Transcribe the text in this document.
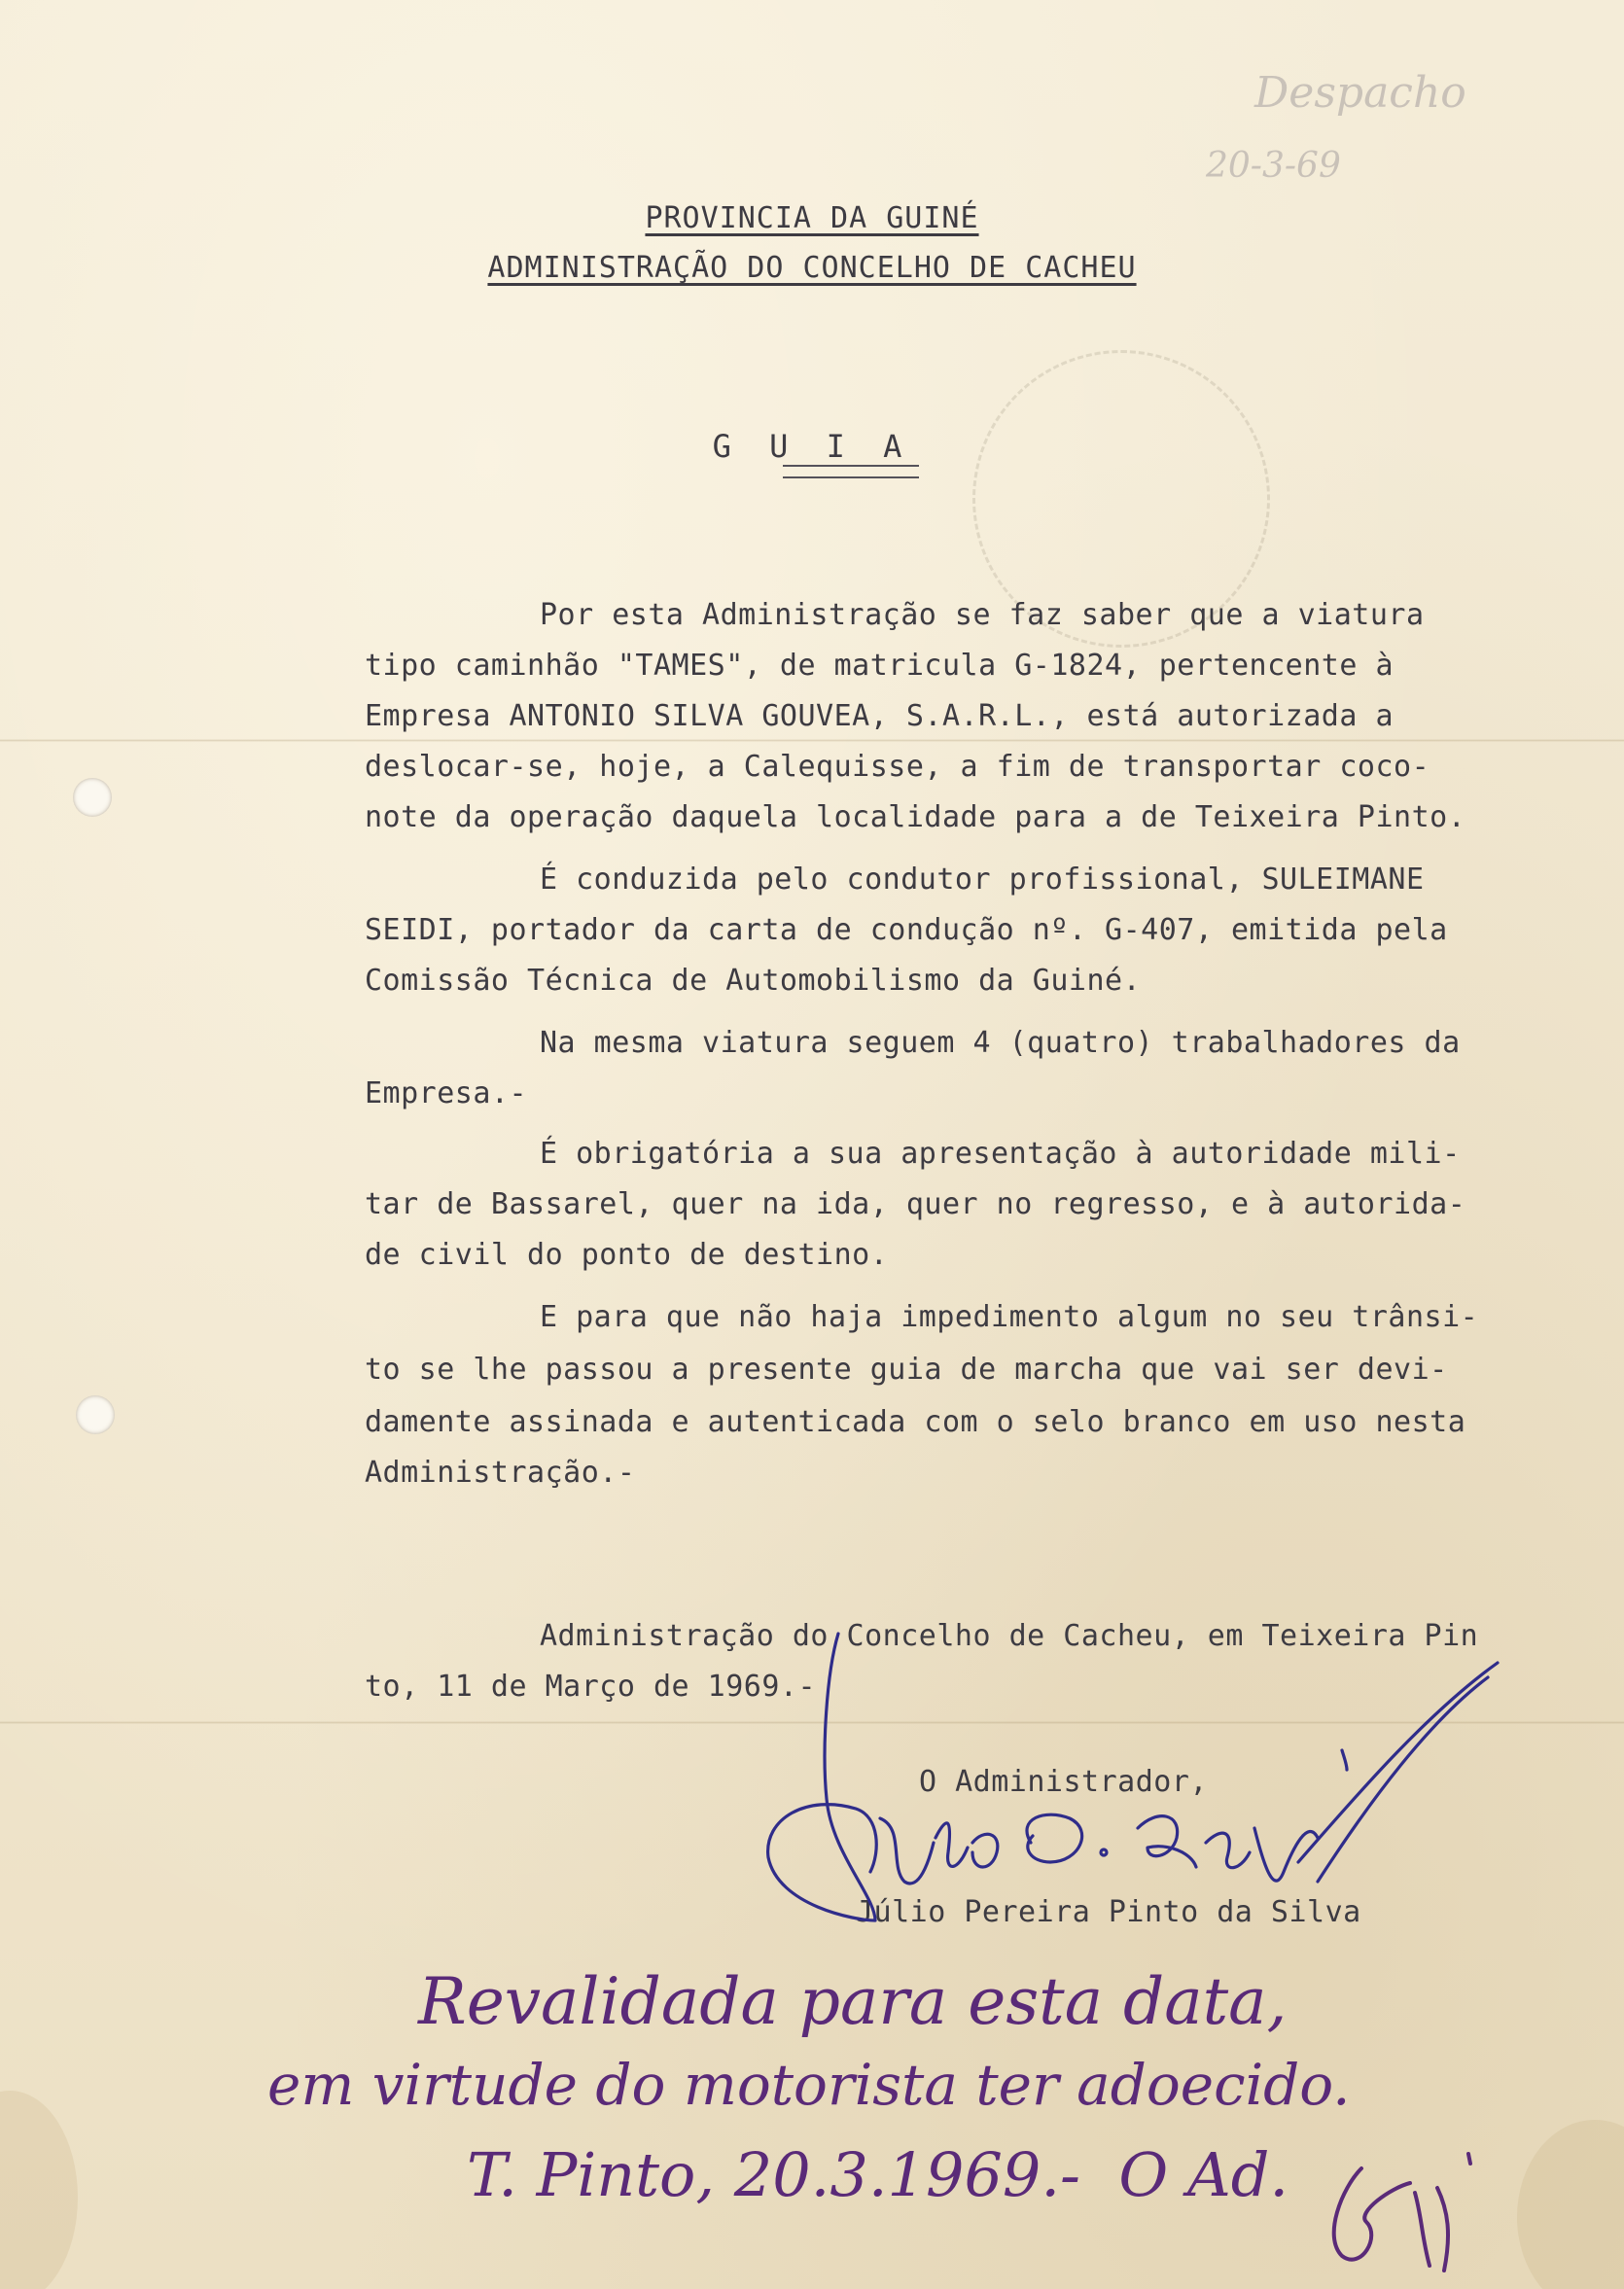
Despacho
20-3-69
PROVINCIA DA GUINÉ
ADMINISTRAÇÃO DO CONCELHO DE CACHEU
G U I A
Por esta Administração se faz saber que a viatura
tipo caminhão "TAMES", de matricula G-1824, pertencente à
Empresa ANTONIO SILVA GOUVEA, S.A.R.L., está autorizada a
deslocar-se, hoje, a Calequisse, a fim de transportar coco-
note da operação daquela localidade para a de Teixeira Pinto.
É conduzida pelo condutor profissional, SULEIMANE
SEIDI, portador da carta de condução nº. G-407, emitida pela
Comissão Técnica de Automobilismo da Guiné.
Na mesma viatura seguem 4 (quatro) trabalhadores da
Empresa.-
É obrigatória a sua apresentação à autoridade mili-
tar de Bassarel, quer na ida, quer no regresso, e à autorida-
de civil do ponto de destino.
E para que não haja impedimento algum no seu trânsi-
to se lhe passou a presente guia de marcha que vai ser devi-
damente assinada e autenticada com o selo branco em uso nesta
Administração.-
Administração do Concelho de Cacheu, em Teixeira Pin
to, 11 de Março de 1969.-
O Administrador,
Júlio Pereira Pinto da Silva
Revalidada para esta data,
em virtude do motorista ter adoecido.
T. Pinto, 20.3.1969.-  O Ad.
